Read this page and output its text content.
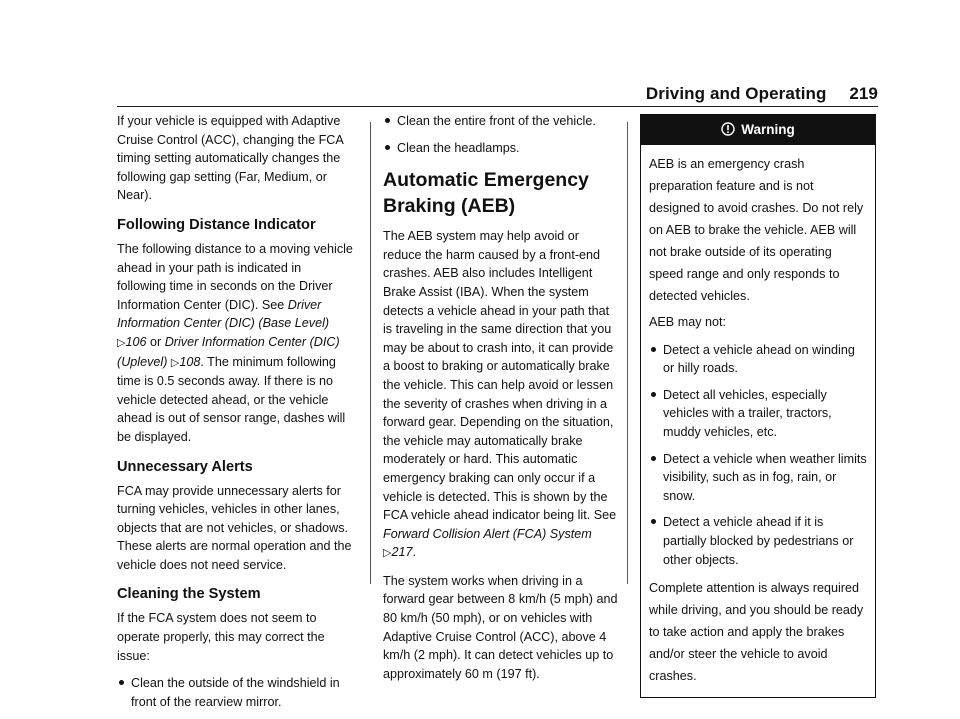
Driving and Operating 219

If your vehicle is equipped with Adaptive Cruise Control (ACC), changing the FCA timing setting automatically changes the following gap setting (Far, Medium, or Near).

Following Distance Indicator

The following distance to a moving vehicle ahead in your path is indicated in following time in seconds on the Driver Information Center (DIC). See Driver Information Center (DIC) (Base Level) ▷106 or Driver Information Center (DIC) (Uplevel) ▷108. The minimum following time is 0.5 seconds away. If there is no vehicle detected ahead, or the vehicle ahead is out of sensor range, dashes will be displayed.

Unnecessary Alerts

FCA may provide unnecessary alerts for turning vehicles, vehicles in other lanes, objects that are not vehicles, or shadows. These alerts are normal operation and the vehicle does not need service.

Cleaning the System

If the FCA system does not seem to operate properly, this may correct the issue:

Clean the outside of the windshield in front of the rearview mirror.
Clean the entire front of the vehicle.
Clean the headlamps.
Automatic Emergency
Braking (AEB)

The AEB system may help avoid or reduce the harm caused by a front-end crashes. AEB also includes Intelligent Brake Assist (IBA). When the system detects a vehicle ahead in your path that is traveling in the same direction that you may be about to crash into, it can provide a boost to braking or automatically brake the vehicle. This can help avoid or lessen the severity of crashes when driving in a forward gear. Depending on the situation, the vehicle may automatically brake moderately or hard. This automatic emergency braking can only occur if a vehicle is detected. This is shown by the FCA vehicle ahead indicator being lit. See Forward Collision Alert (FCA) System ▷217.

The system works when driving in a forward gear between 8 km/h (5 mph) and 80 km/h (50 mph), or on vehicles with Adaptive Cruise Control (ACC), above 4 km/h (2 mph). It can detect vehicles up to approximately 60 m (197 ft).

Warning

AEB is an emergency crash preparation feature and is not designed to avoid crashes. Do not rely on AEB to brake the vehicle. AEB will not brake outside of its operating speed range and only responds to detected vehicles.

AEB may not:

Detect a vehicle ahead on winding or hilly roads.
Detect all vehicles, especially vehicles with a trailer, tractors, muddy vehicles, etc.
Detect a vehicle when weather limits visibility, such as in fog, rain, or snow.
Detect a vehicle ahead if it is partially blocked by pedestrians or other objects.

Complete attention is always required while driving, and you should be ready to take action and apply the brakes and/or steer the vehicle to avoid crashes.
